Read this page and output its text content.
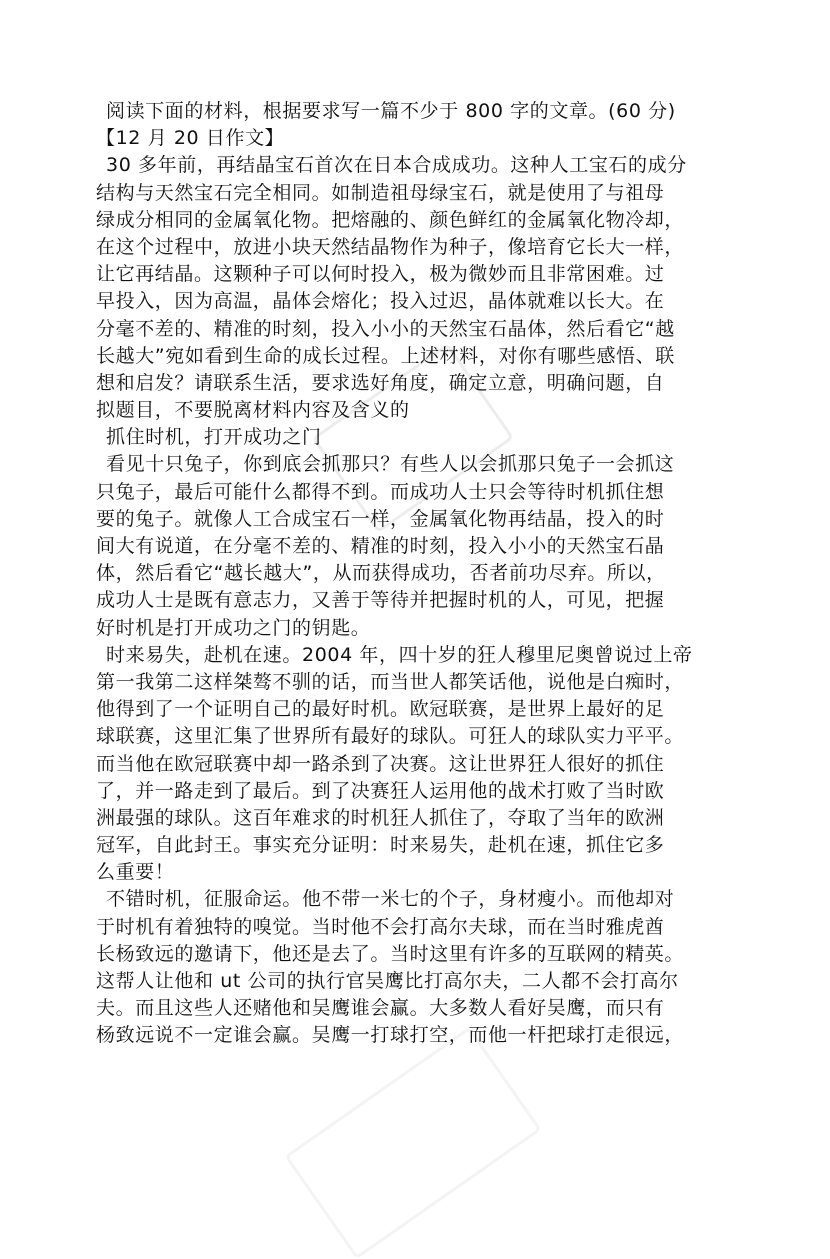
阅读下面的材料，根据要求写一篇不少于 800 字的文章。(60 分)
【12 月 20 日作文】
30 多年前，再结晶宝石首次在日本合成成功。这种人工宝石的成分
结构与天然宝石完全相同。如制造祖母绿宝石，就是使用了与祖母
绿成分相同的金属氧化物。把熔融的、颜色鲜红的金属氧化物冷却，
在这个过程中，放进小块天然结晶物作为种子，像培育它长大一样，
让它再结晶。这颗种子可以何时投入，极为微妙而且非常困难。过
早投入，因为高温，晶体会熔化；投入过迟，晶体就难以长大。在
分毫不差的、精准的时刻，投入小小的天然宝石晶体，然后看它“越
长越大”宛如看到生命的成长过程。上述材料，对你有哪些感悟、联
想和启发？请联系生活，要求选好角度，确定立意，明确问题，自
拟题目，不要脱离材料内容及含义的
抓住时机，打开成功之门
看见十只兔子，你到底会抓那只？有些人以会抓那只兔子一会抓这
只兔子，最后可能什么都得不到。而成功人士只会等待时机抓住想
要的兔子。就像人工合成宝石一样，金属氧化物再结晶，投入的时
间大有说道，在分毫不差的、精准的时刻，投入小小的天然宝石晶
体，然后看它“越长越大”，从而获得成功，否者前功尽弃。所以，
成功人士是既有意志力，又善于等待并把握时机的人，可见，把握
好时机是打开成功之门的钥匙。
时来易失，赴机在速。2004 年，四十岁的狂人穆里尼奥曾说过上帝
第一我第二这样桀骜不驯的话，而当世人都笑话他，说他是白痴时，
他得到了一个证明自己的最好时机。欧冠联赛，是世界上最好的足
球联赛，这里汇集了世界所有最好的球队。可狂人的球队实力平平。
而当他在欧冠联赛中却一路杀到了决赛。这让世界狂人很好的抓住
了，并一路走到了最后。到了决赛狂人运用他的战术打败了当时欧
洲最强的球队。这百年难求的时机狂人抓住了，夺取了当年的欧洲
冠军，自此封王。事实充分证明：时来易失，赴机在速，抓住它多
么重要！
不错时机，征服命运。他不带一米七的个子，身材瘦小。而他却对
于时机有着独特的嗅觉。当时他不会打高尔夫球，而在当时雅虎酋
长杨致远的邀请下，他还是去了。当时这里有许多的互联网的精英。
这帮人让他和 ut 公司的执行官吴鹰比打高尔夫，二人都不会打高尔
夫。而且这些人还赌他和吴鹰谁会赢。大多数人看好吴鹰，而只有
杨致远说不一定谁会赢。吴鹰一打球打空，而他一杆把球打走很远，
